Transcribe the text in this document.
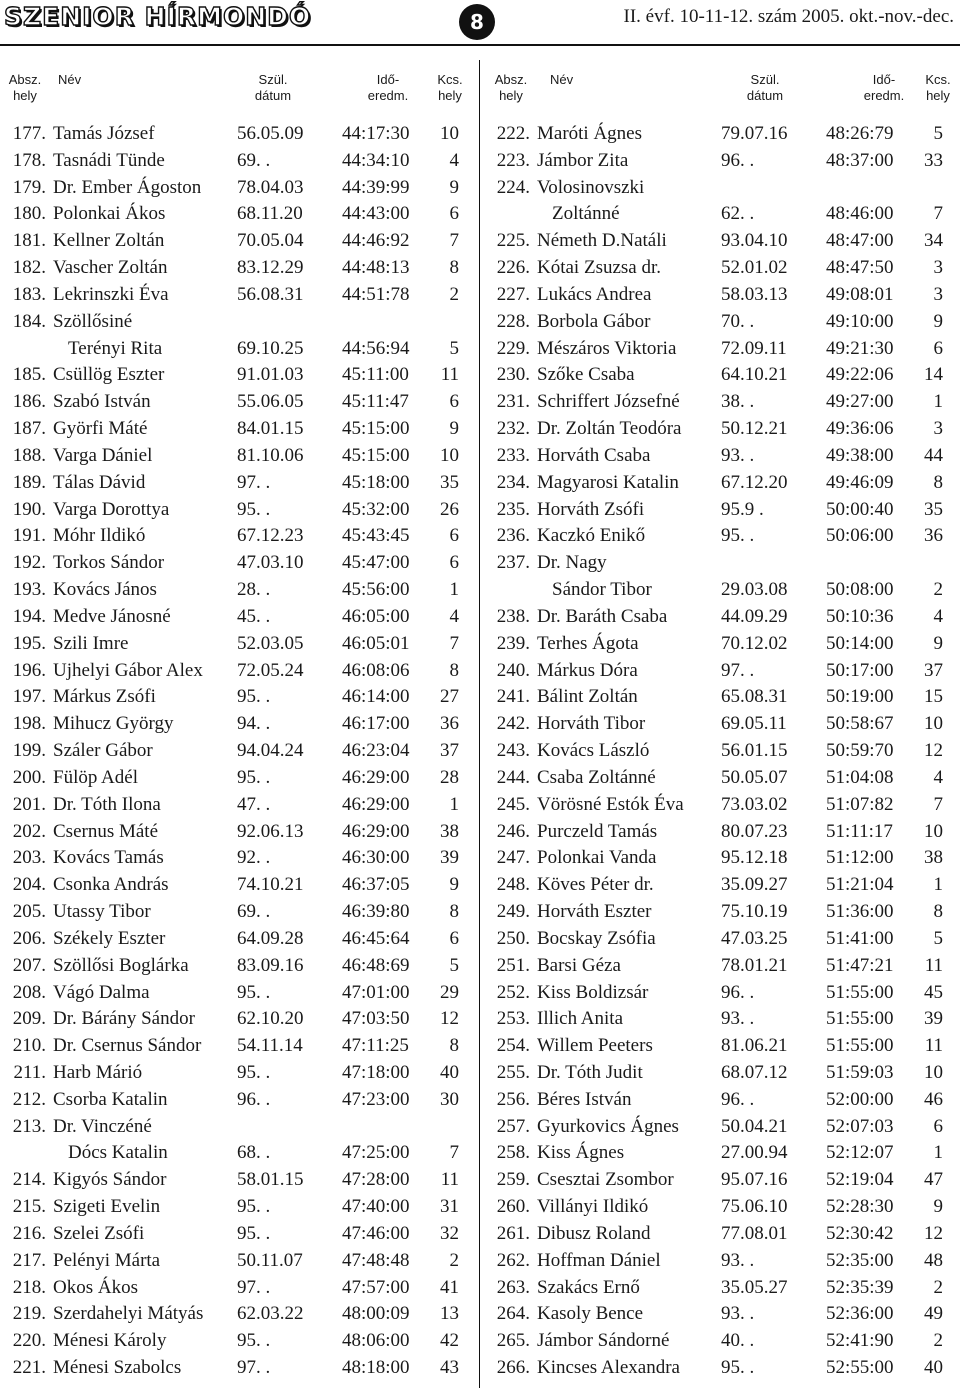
SZENIOR HÍRMONDÓ	8	II. évf. 10-11-12. szám 2005. okt.-nov.-dec.
Absz.
hely
Név	Szül.
dátum
Idő-
eredm.
Kcs.
hely
177. Tamás József	56.05.09 44:17:30 10
178. Tasnádi Tünde	69. .	44:34:10 4
179. Dr. Ember Ágoston 78.04.03 44:39:99 9
180. Polonkai Ákos	68.11.20 44:43:00 6
181. Kellner Zoltán	70.05.04 44:46:92 7
182. Vascher Zoltán	83.12.29 44:48:13 8
183. Lekrinszki Éva	56.08.31 44:51:78 2
184. Szöllősiné
Terényi Rita	69.10.25 44:56:94 5
185. Csüllög Eszter	91.01.03 45:11:00 11
186. Szabó István	55.06.05 45:11:47 6
187. Györfi Máté	84.01.15 45:15:00 9
188. Varga Dániel	81.10.06 45:15:00 10
189. Tálas Dávid	97. .	45:18:00 35
190. Varga Dorottya	95. .	45:32:00 26
191. Móhr Ildikó	67.12.23 45:43:45 6
192. Torkos Sándor	47.03.10 45:47:00 6
193. Kovács János	28. .	45:56:00 1
194. Medve Jánosné	45. .	46:05:00 4
195. Szili Imre	52.03.05 46:05:01 7
196. Ujhelyi Gábor Alex 72.05.24 46:08:06 8
197. Márkus Zsófi	95. .	46:14:00 27
198. Mihucz György	94. .	46:17:00 36
199. Száler Gábor	94.04.24 46:23:04 37
200. Fülöp Adél	95. .	46:29:00 28
201. Dr. Tóth Ilona	47. .	46:29:00 1
202. Csernus Máté	92.06.13 46:29:00 38
203. Kovács Tamás	92. .	46:30:00 39
204. Csonka András	74.10.21 46:37:05 9
205. Utassy Tibor	69. .	46:39:80 8
206. Székely Eszter	64.09.28 46:45:64 6
207. Szöllősi Boglárka	83.09.16 46:48:69 5
208. Vágó Dalma	95. .	47:01:00 29
209. Dr. Bárány Sándor 62.10.20 47:03:50 12
210. Dr. Csernus Sándor 54.11.14 47:11:25 8
211. Harb Márió	95. .	47:18:00 40
212. Csorba Katalin	96. .	47:23:00 30
213. Dr. Vinczéné
Dócs Katalin	68. .	47:25:00 7
214. Kigyós Sándor	58.01.15 47:28:00 11
215. Szigeti Evelin	95. .	47:40:00 31
216. Szelei Zsófi	95. .	47:46:00 32
217. Pelényi Márta	50.11.07 47:48:48 2
218. Okos Ákos	97. .	47:57:00 41
219. Szerdahelyi Mátyás 62.03.22 48:00:09 13
220. Ménesi Károly	95. .	48:06:00 42
221. Ménesi Szabolcs	97. .	48:18:00 43
Absz.
hely
Név	Szül.
dátum
Idő-
eredm.
Kcs.
hely
222. Maróti Ágnes	79.07.16 48:26:79 5
223. Jámbor Zita	96. .	48:37:00 33
224. Volosinovszki
Zoltánné	62. .	48:46:00 7
225. Németh D.Natáli	93.04.10 48:47:00 34
226. Kótai Zsuzsa dr.	52.01.02 48:47:50 3
227. Lukács Andrea	58.03.13 49:08:01 3
228. Borbola Gábor	70. .	49:10:00 9
229. Mészáros Viktoria 72.09.11 49:21:30 6
230. Szőke Csaba	64.10.21 49:22:06 14
231. Schriffert Józsefné 38. .	49:27:00 1
232. Dr. Zoltán Teodóra 50.12.21 49:36:06 3
233. Horváth Csaba	93. .	49:38:00 44
234. Magyarosi Katalin 67.12.20 49:46:09 8
235. Horváth Zsófi	95.9 .	50:00:40 35
236. Kaczkó Enikő	95. .	50:06:00 36
237. Dr. Nagy
Sándor Tibor	29.03.08 50:08:00 2
238. Dr. Baráth Csaba	44.09.29 50:10:36 4
239. Terhes Ágota	70.12.02 50:14:00 9
240. Márkus Dóra	97. .	50:17:00 37
241. Bálint Zoltán	65.08.31 50:19:00 15
242. Horváth Tibor	69.05.11 50:58:67 10
243. Kovács László	56.01.15 50:59:70 12
244. Csaba Zoltánné	50.05.07 51:04:08 4
245. Vörösné Estók Éva 73.03.02 51:07:82 7
246. Purczeld Tamás	80.07.23 51:11:17 10
247. Polonkai Vanda	95.12.18 51:12:00 38
248. Köves Péter dr.	35.09.27 51:21:04 1
249. Horváth Eszter	75.10.19 51:36:00 8
250. Bocskay Zsófia	47.03.25 51:41:00 5
251. Barsi Géza	78.01.21 51:47:21 11
252. Kiss Boldizsár	96. .	51:55:00 45
253. Illich Anita	93. .	51:55:00 39
254. Willem Peeters	81.06.21 51:55:00 11
255. Dr. Tóth Judit	68.07.12 51:59:03 10
256. Béres István	96. .	52:00:00 46
257. Gyurkovics Ágnes 50.04.21 52:07:03 6
258. Kiss Ágnes	27.00.94 52:12:07 1
259. Csesztai Zsombor 95.07.16 52:19:04 47
260. Villányi Ildikó	75.06.10 52:28:30 9
261. Dibusz Roland	77.08.01 52:30:42 12
262. Hoffman Dániel	93. .	52:35:00 48
263. Szakács Ernő	35.05.27 52:35:39 2
264. Kasoly Bence	93. .	52:36:00 49
265. Jámbor Sándorné	40. .	52:41:90 2
266. Kincses Alexandra 95. .	52:55:00 40
